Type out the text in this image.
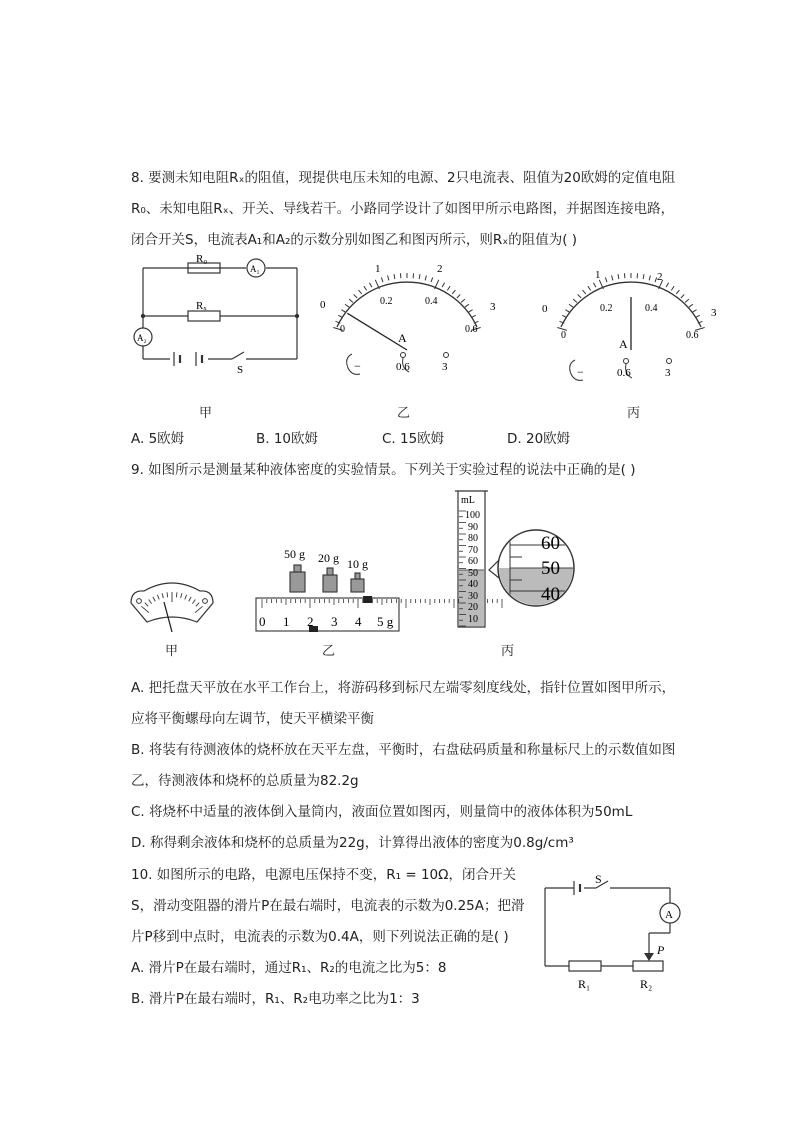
8. 要测未知电阻Rₓ的阻值，现提供电压未知的电源、2只电流表、阻值为20欧姆的定值电阻
R₀、未知电阻Rₓ、开关、导线若干。小路同学设计了如图甲所示电路图，并据图连接电路，
闭合开关S，电流表A₁和A₂的示数分别如图乙和图丙所示，则Rₓ的阻值为( )
R₀
Rₓ
A₁
A₂
S
0
1	2
3
0
0.2	0.4
0.6
A
−	0.6	3
0
1	2
3
0
0.2	0.4
0.6
A
−	0.6	3
甲	乙	丙
A. 5欧姆	B. 10欧姆	C. 15欧姆	D. 20欧姆
9. 如图所示是测量某种液体密度的实验情景。下列关于实验过程的说法中正确的是( )
甲
50 g 20 g 10 g
0 1 2 3 4 5 g
乙
mL
100
90
80
70
60
50
40
30
20
10
60
50
40
丙
A. 把托盘天平放在水平工作台上，将游码移到标尺左端零刻度线处，指针位置如图甲所示，
应将平衡螺母向左调节，使天平横梁平衡
B. 将装有待测液体的烧杯放在天平左盘，平衡时，右盘砝码质量和称量标尺上的示数值如图
乙，待测液体和烧杯的总质量为82.2g
C. 将烧杯中适量的液体倒入量筒内，液面位置如图丙，则量筒中的液体体积为50mL
D. 称得剩余液体和烧杯的总质量为22g，计算得出液体的密度为0.8g/cm³
10. 如图所示的电路，电源电压保持不变，R₁ = 10Ω，闭合开关
S，滑动变阻器的滑片P在最右端时，电流表的示数为0.25A；把滑
片P移到中点时，电流表的示数为0.4A，则下列说法正确的是( )
A. 滑片P在最右端时，通过R₁、R₂的电流之比为5：8
B. 滑片P在最右端时，R₁、R₂电功率之比为1：3
S
A
P
R₁	R₂
